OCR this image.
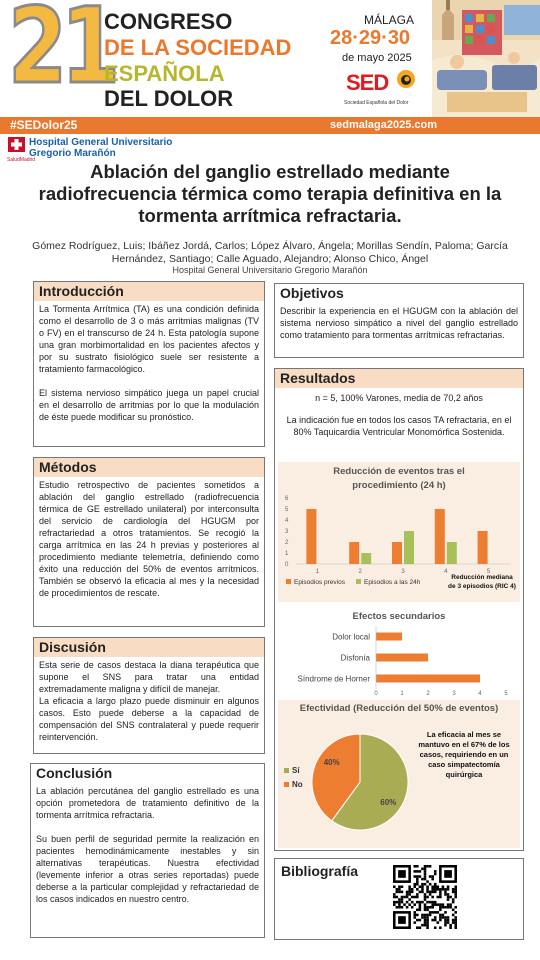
21
CONGRESO
DE LA SOCIEDAD
ESPAÑOLA
DEL DOLOR
MÁLAGA
28·29·30
de mayo 2025
SED
Sociedad Española del Dolor
#SEDolor25	sedmalaga2025.com
Hospital General Universitario
Gregorio Marañón
SaludMadrid
Ablación del ganglio estrellado mediante radiofrecuencia térmica como terapia definitiva en la tormenta arrítmica refractaria.
Gómez Rodríguez, Luis; Ibáñez Jordá, Carlos; López Álvaro, Ángela; Morillas Sendín, Paloma; García Hernández, Santiago; Calle Aguado, Alejandro; Alonso Chico, Ángel
Hospital General Universitario Gregorio Marañón
Introducción

La Tormenta Arrítmica (TA) es una condición definida como el desarrollo de 3 o más arritmias malignas (TV o FV) en el transcurso de 24 h. Esta patología supone una gran morbimortalidad en los pacientes afectos y por su sustrato fisiológico suele ser resistente a tratamiento farmacológico.

El sistema nervioso simpático juega un papel crucial en el desarrollo de arritmias por lo que la modulación de éste puede modificar su pronóstico.

Métodos

Estudio retrospectivo de pacientes sometidos a ablación del ganglio estrellado (radiofrecuencia térmica de GE estrellado unilateral) por interconsulta del servicio de cardiología del HGUGM por refractariedad a otros tratamientos. Se recogió la carga arrítmica en las 24 h previas y posteriores al procedimiento mediante telemetría, definiendo como éxito una reducción del 50% de eventos arrítmicos. También se observó la eficacia al mes y la necesidad de procedimientos de rescate.

Discusión

Esta serie de casos destaca la diana terapéutica que supone el SNS para tratar una entidad extremadamente maligna y difícil de manejar.

La eficacia a largo plazo puede disminuir en algunos casos. Esto puede deberse a la capacidad de compensación del SNS contralateral y puede requerir reintervención.

Conclusión

La ablación percutánea del ganglio estrellado es una opción prometedora de tratamiento definitivo de la tormenta arrítmica refractaria.

Su buen perfil de seguridad permite la realización en pacientes hemodinámicamente inestables y sin alternativas terapéuticas. Nuestra efectividad (levemente inferior a otras series reportadas) puede deberse a la particular complejidad y refractariedad de los casos indicados en nuestro centro.

Objetivos

Describir la experiencia en el HGUGM con la ablación del sistema nervioso simpático a nivel del ganglio estrellado como tratamiento para tormentas arrítmicas refractarias.

Resultados
n = 5, 100% Varones, media de 70,2 años
La indicación fue en todos los casos TA refractaria, en el 80% Taquicardia Ventricular Monomórfica Sostenida.
Reducción de eventos tras el procedimiento (24 h)
0
1
2
3
4
5
6
1	2	3	4	5
Episodios previos	Episodios a las 24h
Reducción mediana
de 3 episodios (RIC 4)
Efectos secundarios
Dolor local
Disfonía
Síndrome de Horner
0	1	2	3	4	5
Efectividad (Reducción del 50% de eventos)
60%
40%
Sí
No
La eficacia al mes se mantuvo en el 67% de los casos, requiriendo en un caso simpatectomía quirúrgica
Bibliografía
